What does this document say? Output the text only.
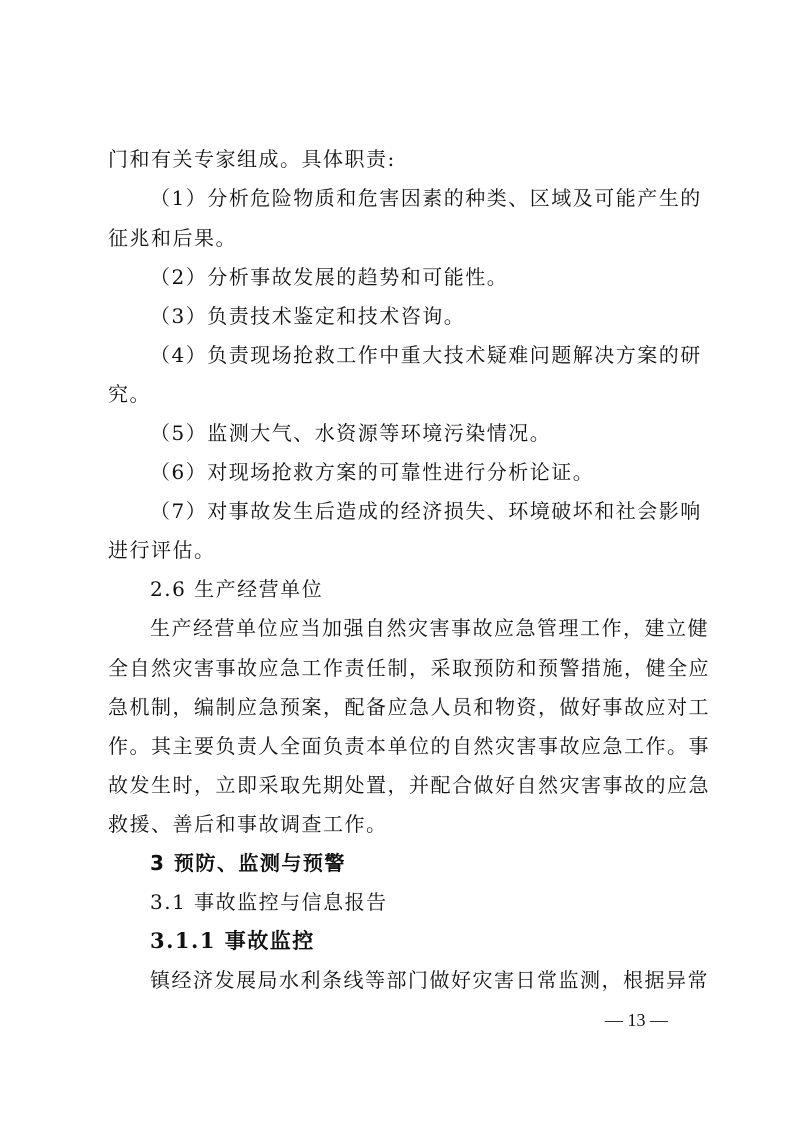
门和有关专家组成。具体职责:
（1）分析危险物质和危害因素的种类、区域及可能产生的
征兆和后果。
（2）分析事故发展的趋势和可能性。
（3）负责技术鉴定和技术咨询。
（4）负责现场抢救工作中重大技术疑难问题解决方案的研
究。
（5）监测大气、水资源等环境污染情况。
（6）对现场抢救方案的可靠性进行分析论证。
（7）对事故发生后造成的经济损失、环境破坏和社会影响
进行评估。
2.6 生产经营单位
生产经营单位应当加强自然灾害事故应急管理工作，建立健
全自然灾害事故应急工作责任制，采取预防和预警措施，健全应
急机制，编制应急预案，配备应急人员和物资，做好事故应对工
作。其主要负责人全面负责本单位的自然灾害事故应急工作。事
故发生时，立即采取先期处置，并配合做好自然灾害事故的应急
救援、善后和事故调查工作。
3 预防、监测与预警
3.1 事故监控与信息报告
3.1.1 事故监控
镇经济发展局水利条线等部门做好灾害日常监测，根据异常
— 13 —
